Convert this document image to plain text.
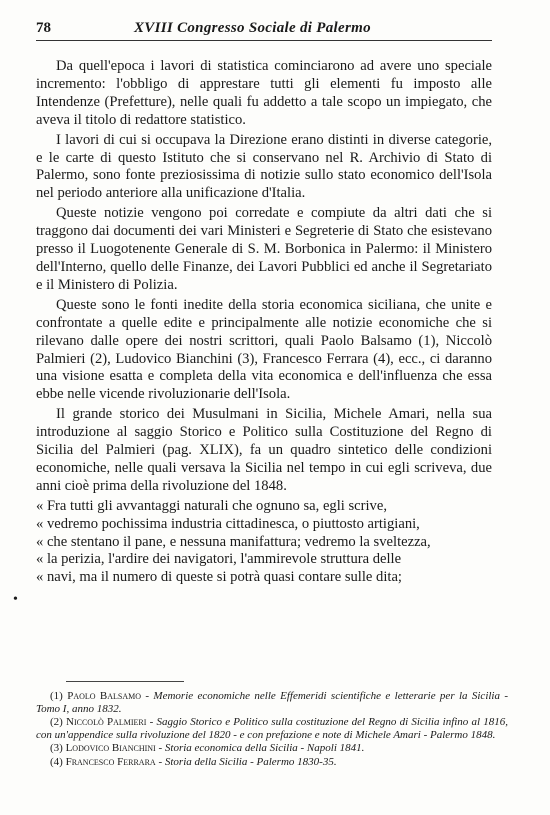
78	XVIII Congresso Sociale di Palermo

Da quell'epoca i lavori di statistica cominciarono ad avere uno speciale incremento: l'obbligo di apprestare tutti gli elementi fu imposto alle Intendenze (Prefetture), nelle quali fu addetto a tale scopo un impiegato, che aveva il titolo di redattore statistico.

I lavori di cui si occupava la Direzione erano distinti in diverse categorie, e le carte di questo Istituto che si conservano nel R. Archivio di Stato di Palermo, sono fonte preziosissima di notizie sullo stato economico dell'Isola nel periodo anteriore alla unificazione d'Italia.

Queste notizie vengono poi corredate e compiute da altri dati che si traggono dai documenti dei vari Ministeri e Segreterie di Stato che esistevano presso il Luogotenente Generale di S. M. Borbonica in Palermo: il Ministero dell'Interno, quello delle Finanze, dei Lavori Pubblici ed anche il Segretariato e il Ministero di Polizia.

Queste sono le fonti inedite della storia economica siciliana, che unite e confrontate a quelle edite e principalmente alle notizie economiche che si rilevano dalle opere dei nostri scrittori, quali Paolo Balsamo (1), Niccolò Palmieri (2), Ludovico Bianchini (3), Francesco Ferrara (4), ecc., ci daranno una visione esatta e completa della vita economica e dell'influenza che essa ebbe nelle vicende rivoluzionarie dell'Isola.

Il grande storico dei Musulmani in Sicilia, Michele Amari, nella sua introduzione al saggio Storico e Politico sulla Costituzione del Regno di Sicilia del Palmieri (pag. XLIX), fa un quadro sintetico delle condizioni economiche, nelle quali versava la Sicilia nel tempo in cui egli scriveva, due anni cioè prima della rivoluzione del 1848.

« Fra tutti gli avvantaggi naturali che ognuno sa, egli scrive,
« vedremo pochissima industria cittadinesca, o piuttosto artigiani,
« che stentano il pane, e nessuna manifattura; vedremo la sveltezza,
« la perizia, l'ardire dei navigatori, l'ammirevole struttura delle
« navi, ma il numero di queste si potrà quasi contare sulle dita;
•

(1) Paolo Balsamo - Memorie economiche nelle Effemeridi scientifiche e letterarie per la Sicilia - Tomo I, anno 1832.

(2) Niccolò Palmieri - Saggio Storico e Politico sulla costituzione del Regno di Sicilia infino al 1816, con un'appendice sulla rivoluzione del 1820 - e con prefazione e note di Michele Amari - Palermo 1848.

(3) Lodovico Bianchini - Storia economica della Sicilia - Napoli 1841.

(4) Francesco Ferrara - Storia della Sicilia - Palermo 1830-35.
